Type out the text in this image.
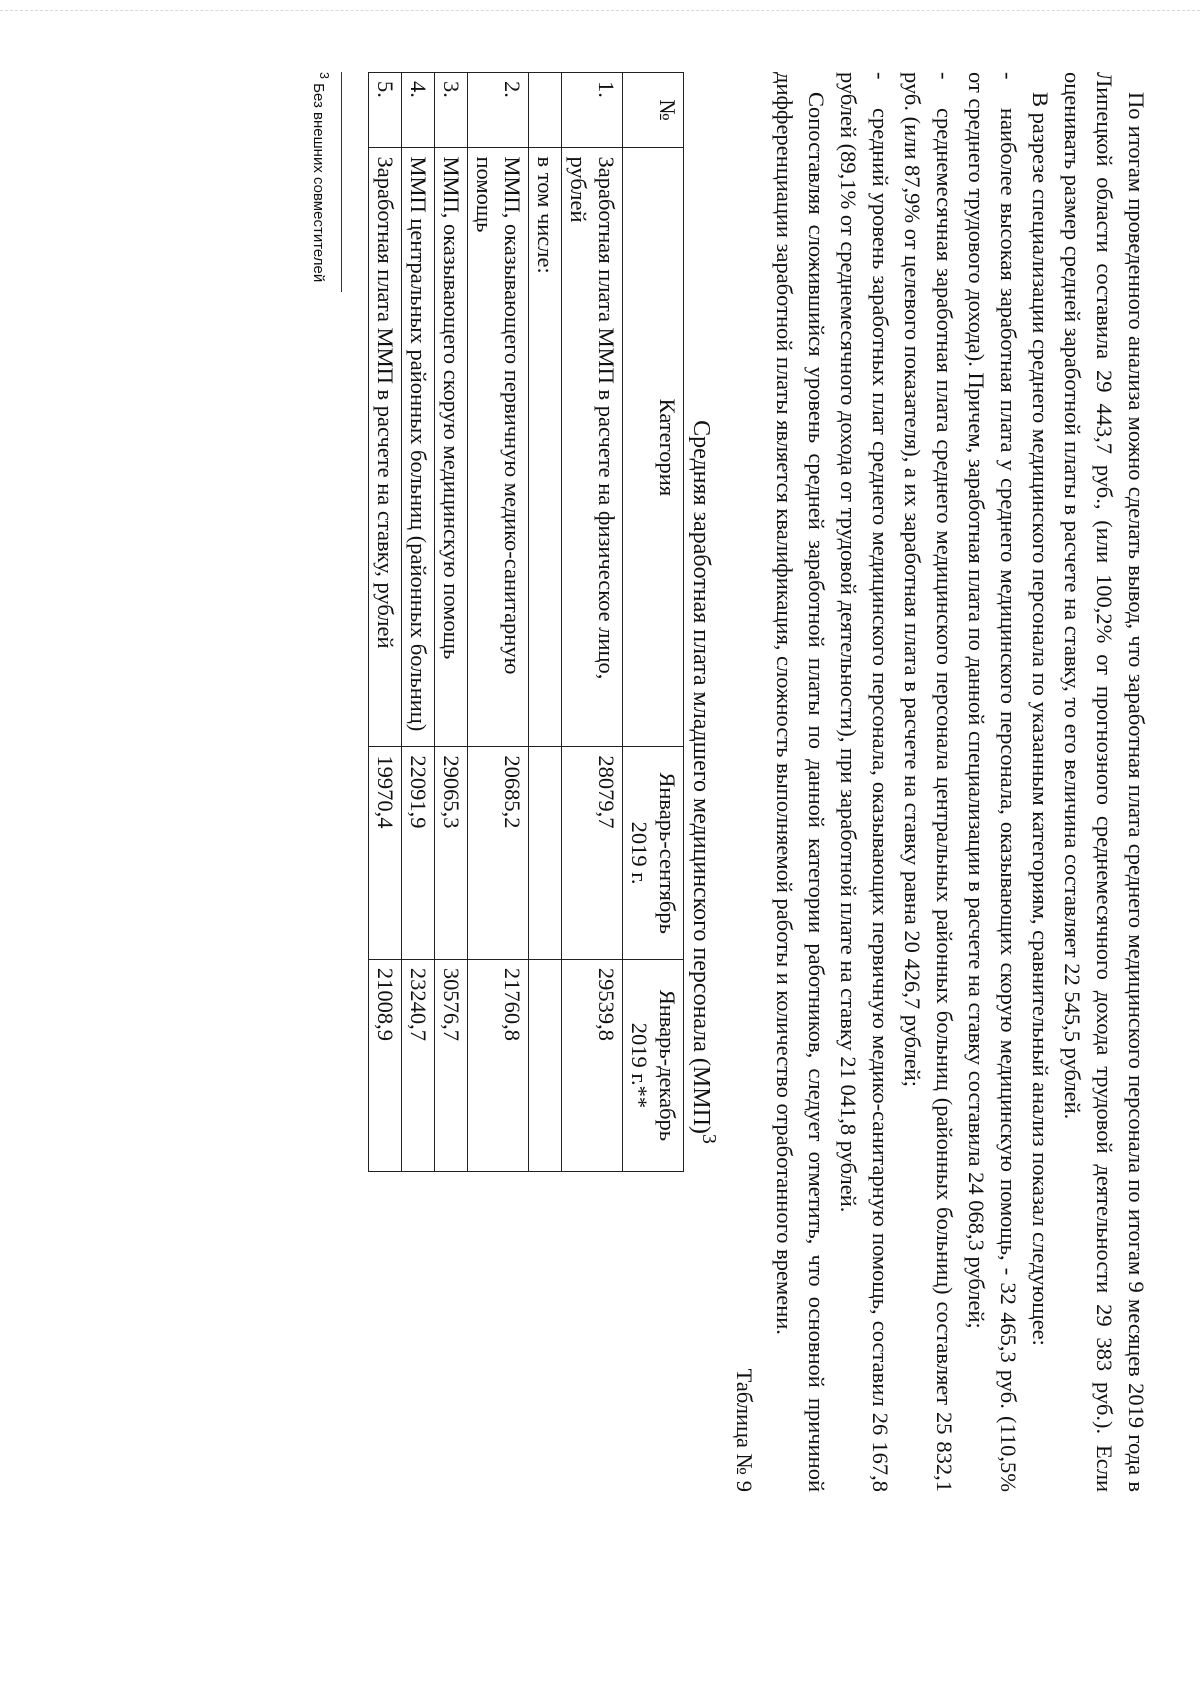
По итогам проведенного анализа можно сделать вывод, что заработная плата среднего медицинского персонала по итогам 9 месяцев 2019 года в Липецкой области составила 29 443,7 руб., (или 100,2% от прогнозного среднемесячного дохода трудовой деятельности 29 383 руб.). Если оценивать размер средней заработной платы в расчете на ставку, то его величина составляет 22 545,5 рублей.

В разрезе специализации среднего медицинского персонала по указанным категориям, сравнительный анализ показал следующее:

-наиболее высокая заработная плата у среднего медицинского персонала, оказывающих скорую медицинскую помощь, - 32 465,3 руб. (110,5% от среднего трудового дохода). Причем, заработная плата по данной специализации в расчете на ставку составила 24 068,3 рублей;

-среднемесячная заработная плата среднего медицинского персонала центральных районных больниц (районных больниц) составляет 25 832,1 руб. (или 87,9% от целевого показателя), а их заработная плата в расчете на ставку равна 20 426,7 рублей;

-средний уровень заработных плат среднего медицинского персонала, оказывающих первичную медико-санитарную помощь, составил 26 167,8 рублей (89,1% от среднемесячного дохода от трудовой деятельности), при заработной плате на ставку 21 041,8 рублей.

Сопоставляя сложившийся уровень средней заработной платы по данной категории работников, следует отметить, что основной причиной дифференциации заработной платы является квалификация, сложность выполняемой работы и количество отработанного времени.

Таблица № 9
Средняя заработная плата младшего медицинского персонала (ММП)$^3$
№	Категория	Январь-сентябрь 2019 г.	Январь-декабрь 2019 г.**
1.	Заработная плата ММП в расчете на физическое лицо, рублей	28079,7	29539,8
	в том числе:		
2.	ММП, оказывающего первичную медико-санитарную помощь	20685,2	21760,8
3.	ММП, оказывающего скорую медицинскую помощь	29065,3	30576,7
4.	ММП центральных районных больниц (районных больниц)	22091,9	23240,7
5.	Заработная плата ММП в расчете на ставку, рублей	19970,4	21008,9
$^3$ Без внешних совместителей
